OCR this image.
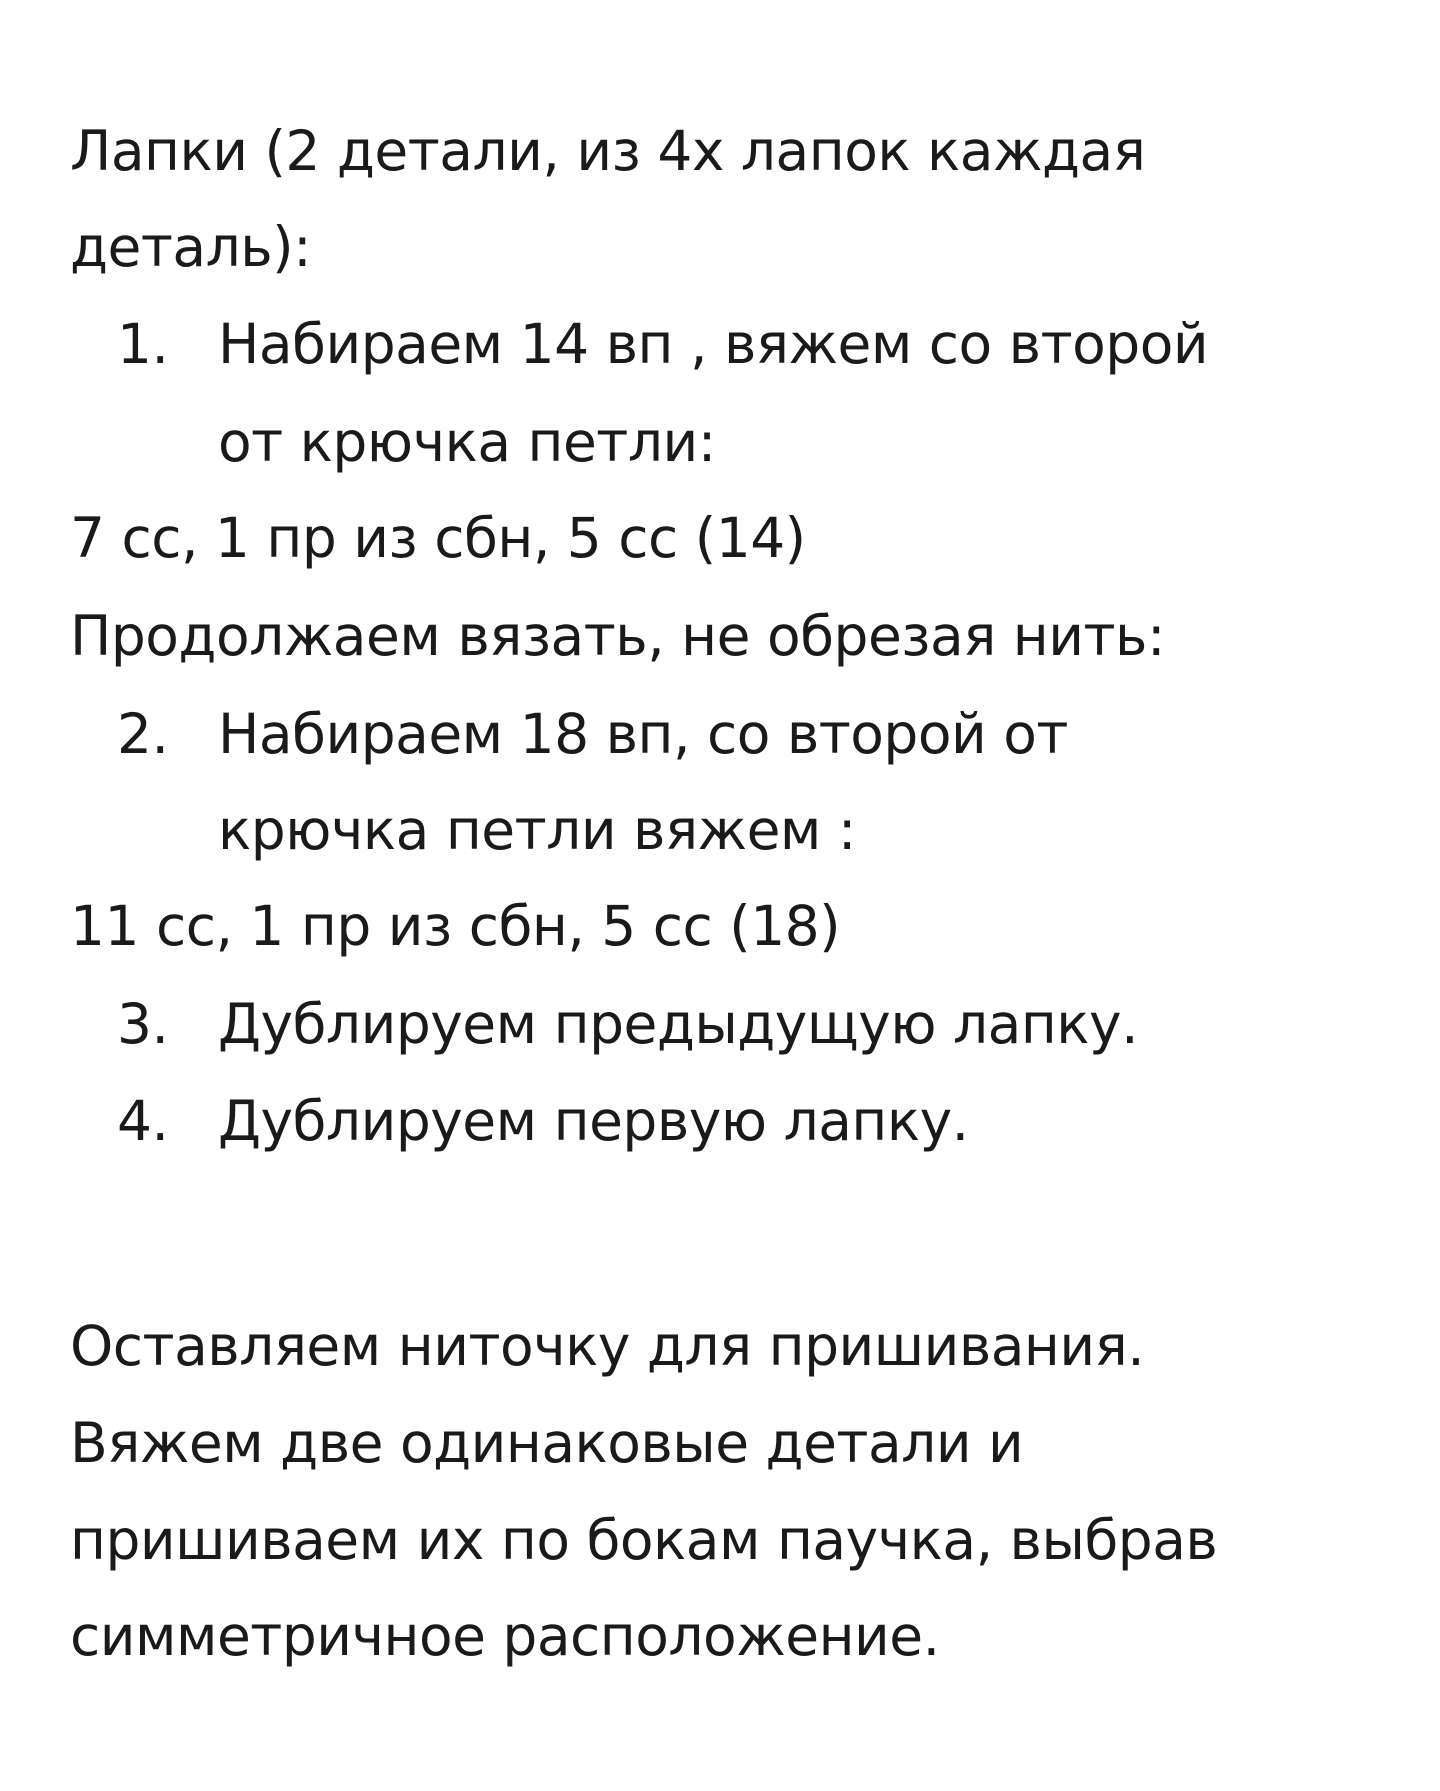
Лапки (2 детали, из 4х лапок каждая

деталь):

1. Набираем 14 вп , вяжем со второй
от крючка петли:

7 сс, 1 пр из сбн, 5 сс (14)

Продолжаем вязать, не обрезая нить:

2. Набираем 18 вп, со второй от
крючка петли вяжем :

11 сс, 1 пр из сбн, 5 сс (18)

3. Дублируем предыдущую лапку.
4. Дублируем первую лапку.

Оставляем ниточку для пришивания.

Вяжем две одинаковые детали и

пришиваем их по бокам паучка, выбрав

симметричное расположение.
